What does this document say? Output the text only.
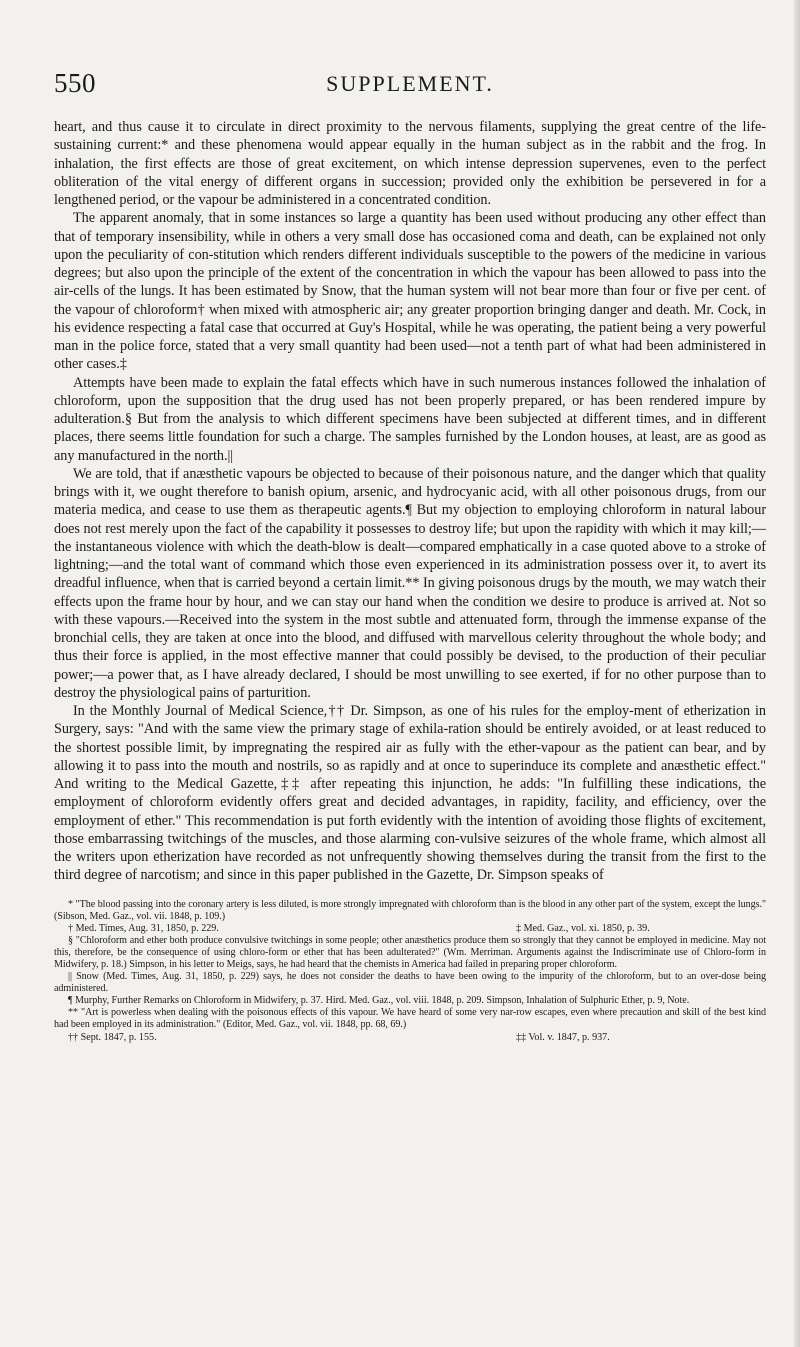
550	SUPPLEMENT.

heart, and thus cause it to circulate in direct proximity to the nervous filaments, supplying the great centre of the life-sustaining current:* and these phenomena would appear equally in the human subject as in the rabbit and the frog. In inhalation, the first effects are those of great excitement, on which intense depression supervenes, even to the perfect obliteration of the vital energy of different organs in succession; provided only the exhibition be persevered in for a lengthened period, or the vapour be administered in a concentrated condition.

The apparent anomaly, that in some instances so large a quantity has been used without producing any other effect than that of temporary insensibility, while in others a very small dose has occasioned coma and death, can be explained not only upon the peculiarity of con-stitution which renders different individuals susceptible to the powers of the medicine in various degrees; but also upon the principle of the extent of the concentration in which the vapour has been allowed to pass into the air-cells of the lungs. It has been estimated by Snow, that the human system will not bear more than four or five per cent. of the vapour of chloroform† when mixed with atmospheric air; any greater proportion bringing danger and death. Mr. Cock, in his evidence respecting a fatal case that occurred at Guy's Hospital, while he was operating, the patient being a very powerful man in the police force, stated that a very small quantity had been used—not a tenth part of what had been administered in other cases.‡

Attempts have been made to explain the fatal effects which have in such numerous instances followed the inhalation of chloroform, upon the supposition that the drug used has not been properly prepared, or has been rendered impure by adulteration.§ But from the analysis to which different specimens have been subjected at different times, and in different places, there seems little foundation for such a charge. The samples furnished by the London houses, at least, are as good as any manufactured in the north.||

We are told, that if anæsthetic vapours be objected to because of their poisonous nature, and the danger which that quality brings with it, we ought therefore to banish opium, arsenic, and hydrocyanic acid, with all other poisonous drugs, from our materia medica, and cease to use them as therapeutic agents.¶ But my objection to employing chloroform in natural labour does not rest merely upon the fact of the capability it possesses to destroy life; but upon the rapidity with which it may kill;—the instantaneous violence with which the death-blow is dealt—compared emphatically in a case quoted above to a stroke of lightning;—and the total want of command which those even experienced in its administration possess over it, to avert its dreadful influence, when that is carried beyond a certain limit.** In giving poisonous drugs by the mouth, we may watch their effects upon the frame hour by hour, and we can stay our hand when the condition we desire to produce is arrived at. Not so with these vapours.—Received into the system in the most subtle and attenuated form, through the immense expanse of the bronchial cells, they are taken at once into the blood, and diffused with marvellous celerity throughout the whole body; and thus their force is applied, in the most effective manner that could possibly be devised, to the production of their peculiar power;—a power that, as I have already declared, I should be most unwilling to see exerted, if for no other purpose than to destroy the physiological pains of parturition.

In the Monthly Journal of Medical Science,†† Dr. Simpson, as one of his rules for the employ-ment of etherization in Surgery, says: "And with the same view the primary stage of exhila-ration should be entirely avoided, or at least reduced to the shortest possible limit, by impregnating the respired air as fully with the ether-vapour as the patient can bear, and by allowing it to pass into the mouth and nostrils, so as rapidly and at once to superinduce its complete and anæsthetic effect." And writing to the Medical Gazette,‡‡ after repeating this injunction, he adds: "In fulfilling these indications, the employment of chloroform evidently offers great and decided advantages, in rapidity, facility, and efficiency, over the employment of ether." This recommendation is put forth evidently with the intention of avoiding those flights of excitement, those embarrassing twitchings of the muscles, and those alarming con-vulsive seizures of the whole frame, which almost all the writers upon etherization have recorded as not unfrequently showing themselves during the transit from the first to the third degree of narcotism; and since in this paper published in the Gazette, Dr. Simpson speaks of

* "The blood passing into the coronary artery is less diluted, is more strongly impregnated with chloroform than is the blood in any other part of the system, except the lungs." (Sibson, Med. Gaz., vol. vii. 1848, p. 109.)

† Med. Times, Aug. 31, 1850, p. 229.	‡ Med. Gaz., vol. xi. 1850, p. 39.

§ "Chloroform and ether both produce convulsive twitchings in some people; other anæsthetics produce them so strongly that they cannot be employed in medicine. May not this, therefore, be the consequence of using chloro-form or ether that has been adulterated?" (Wm. Merriman. Arguments against the Indiscriminate use of Chloro-form in Midwifery, p. 18.) Simpson, in his letter to Meigs, says, he had heard that the chemists in America had failed in preparing proper chloroform.

|| Snow (Med. Times, Aug. 31, 1850, p. 229) says, he does not consider the deaths to have been owing to the impurity of the chloroform, but to an over-dose being administered.

¶ Murphy, Further Remarks on Chloroform in Midwifery, p. 37. Hird. Med. Gaz., vol. viii. 1848, p. 209. Simpson, Inhalation of Sulphuric Ether, p. 9, Note.

** "Art is powerless when dealing with the poisonous effects of this vapour. We have heard of some very nar-row escapes, even where precaution and skill of the best kind had been employed in its administration." (Editor, Med. Gaz., vol. vii. 1848, pp. 68, 69.)

†† Sept. 1847, p. 155.	‡‡ Vol. v. 1847, p. 937.
